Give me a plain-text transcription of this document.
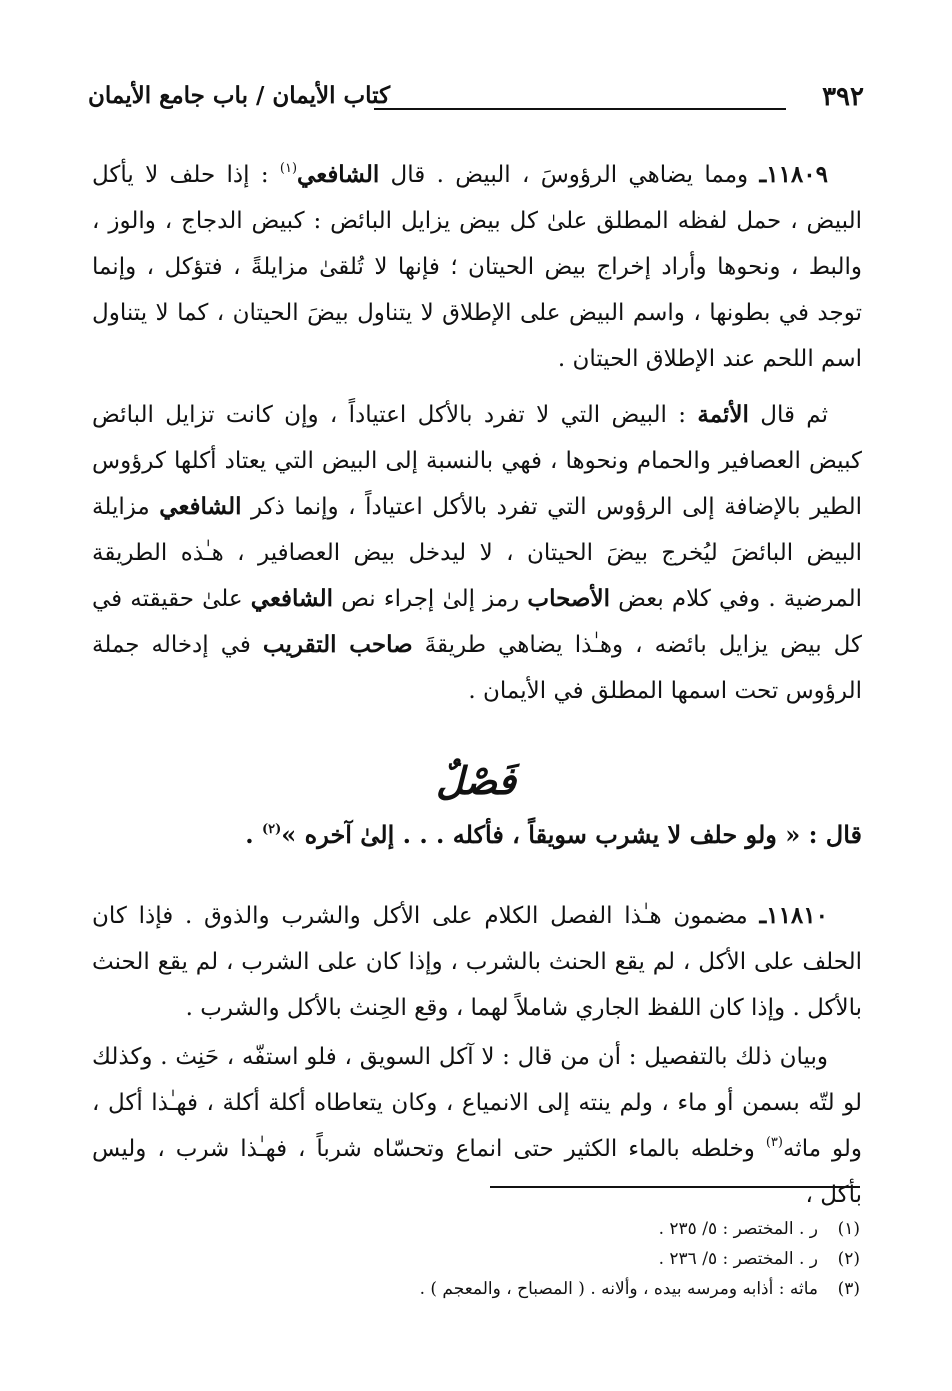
٣٩٢
كتاب الأيمان / باب جامع الأيمان

١١٨٠٩ـ ومما يضاهي الرؤوسَ ، البيض . قال الشافعي$^{(١)}$ : إذا حلف لا يأكل البيض ، حمل لفظه المطلق علىٰ كل بيض يزايل البائض : كبيض الدجاج ، والوز ، والبط ، ونحوها وأراد إخراج بيض الحيتان ؛ فإنها لا تُلقىٰ مزايلةً ، فتؤكل ، وإنما توجد في بطونها ، واسم البيض على الإطلاق لا يتناول بيضَ الحيتان ، كما لا يتناول اسم اللحم عند الإطلاق الحيتان .

ثم قال الأئمة : البيض التي لا تفرد بالأكل اعتياداً ، وإن كانت تزايل البائض كبيض العصافير والحمام ونحوها ، فهي بالنسبة إلى البيض التي يعتاد أكلها كرؤوس الطير بالإضافة إلى الرؤوس التي تفرد بالأكل اعتياداً ، وإنما ذكر الشافعي مزايلة البيض البائضَ ليُخرج بيضَ الحيتان ، لا ليدخل بيض العصافير ، هـٰذه الطريقة المرضية . وفي كلام بعض الأصحاب رمز إلىٰ إجراء نص الشافعي علىٰ حقيقته في كل بيض يزايل بائضه ، وهـٰذا يضاهي طريقةَ صاحب التقريب في إدخاله جملة الرؤوس تحت اسمها المطلق في الأيمان .

فَصْلٌ
قال : « ولو حلف لا يشرب سويقاً ، فأكله . . . إلىٰ آخره »$^{(٢)}$ .

١١٨١٠ـ مضمون هـٰذا الفصل الكلام على الأكل والشرب والذوق . فإذا كان الحلف على الأكل ، لم يقع الحنث بالشرب ، وإذا كان على الشرب ، لم يقع الحنث بالأكل . وإذا كان اللفظ الجاري شاملاً لهما ، وقع الحِنث بالأكل والشرب .

وبيان ذلك بالتفصيل : أن من قال : لا آكل السويق ، فلو استفّه ، حَنِث . وكذلك لو لتّه بسمن أو ماء ، ولم ينته إلى الانمياع ، وكان يتعاطاه أكلة أكلة ، فهـٰذا أكل ، ولو ماثه$^{(٣)}$ وخلطه بالماء الكثير حتى انماع وتحسّاه شرباً ، فهـٰذا شرب ، وليس بأكل ،

(١)
ر . المختصر : ٥/ ٢٣٥ .
(٢)
ر . المختصر : ٥/ ٢٣٦ .
(٣)
ماثه : أذابه ومرسه بيده ، وألانه . ( المصباح ، والمعجم ) .
